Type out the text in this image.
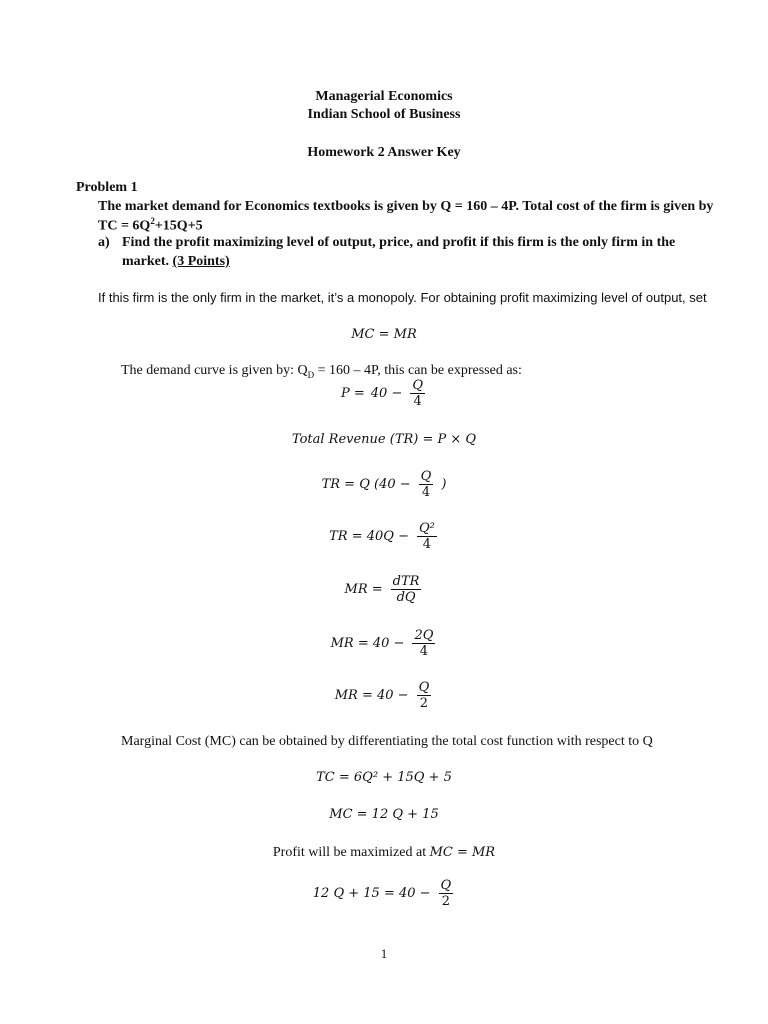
Managerial Economics
Indian School of Business
Homework 2 Answer Key
Problem 1
The market demand for Economics textbooks is given by Q = 160 – 4P. Total cost of the firm is given by
TC = $6Q^2+15Q+5$
a) Find the profit maximizing level of output, price, and profit if this firm is the only firm in the
market. (3 Points)
If this firm is the only firm in the market, it’s a monopoly. For obtaining profit maximizing level of output, set
MC = MR
The demand curve is given by: $Q_D = 160 - 4P$, this can be expressed as:
$P = 40 - \frac{Q}{4}$
Total Revenue (TR) = P × Q
TR = Q ($40 - \frac{Q}{4}$ )
TR = $40Q - \frac{\text{Q²}}{4}$
MR = $\frac{\text{dTR}}{dQ}$
MR = $40 - \frac{2Q}{4}$
MR = $40 - \frac{Q}{2}$
Marginal Cost (MC) can be obtained by differentiating the total cost function with respect to Q
TC = 6Q² + 15Q + 5
MC = 12 Q + 15
Profit will be maximized at MC = MR
12 $Q + 15 = 40 - \frac{Q}{2}$
1
